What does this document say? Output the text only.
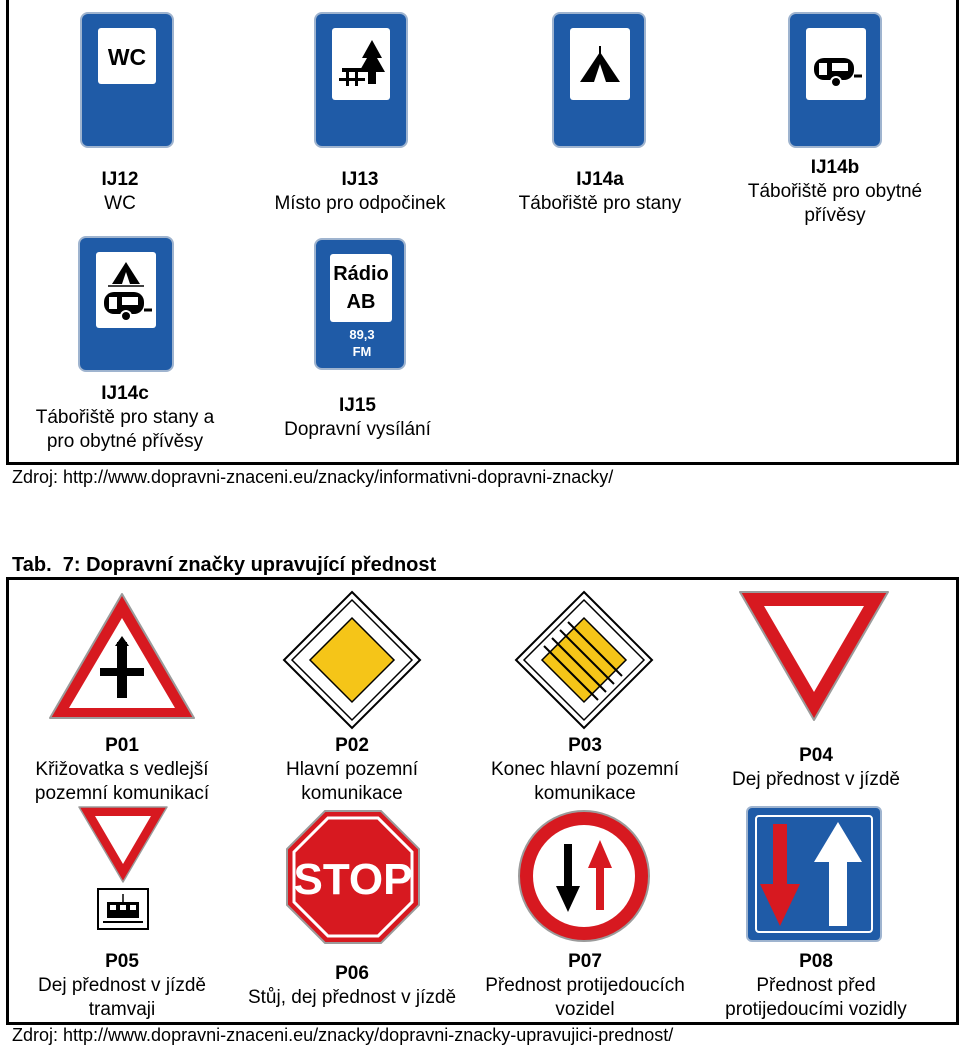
WC
IJ12
WC
IJ13
Místo pro odpočinek
IJ14a
Tábořiště pro stany
IJ14b
Tábořiště pro obytné
přívěsy
Rádio
AB
89,3
FM
IJ14c
Tábořiště pro stany a
pro obytné přívěsy
IJ15
Dopravní vysílání
Zdroj: http://www.dopravni-znaceni.eu/znacky/informativni-dopravni-znacky/
Tab.  7: Dopravní značky upravující přednost
P01
Křižovatka s vedlejší
pozemní komunikací
P02
Hlavní pozemní
komunikace
P03
Konec hlavní pozemní
komunikace
P04
Dej přednost v jízdě
STOP
P05
Dej přednost v jízdě
tramvaji
P06
Stůj, dej přednost v jízdě
P07
Přednost protijedoucích
vozidel
P08
Přednost před
protijedoucími vozidly
Zdroj: http://www.dopravni-znaceni.eu/znacky/dopravni-znacky-upravujici-prednost/
